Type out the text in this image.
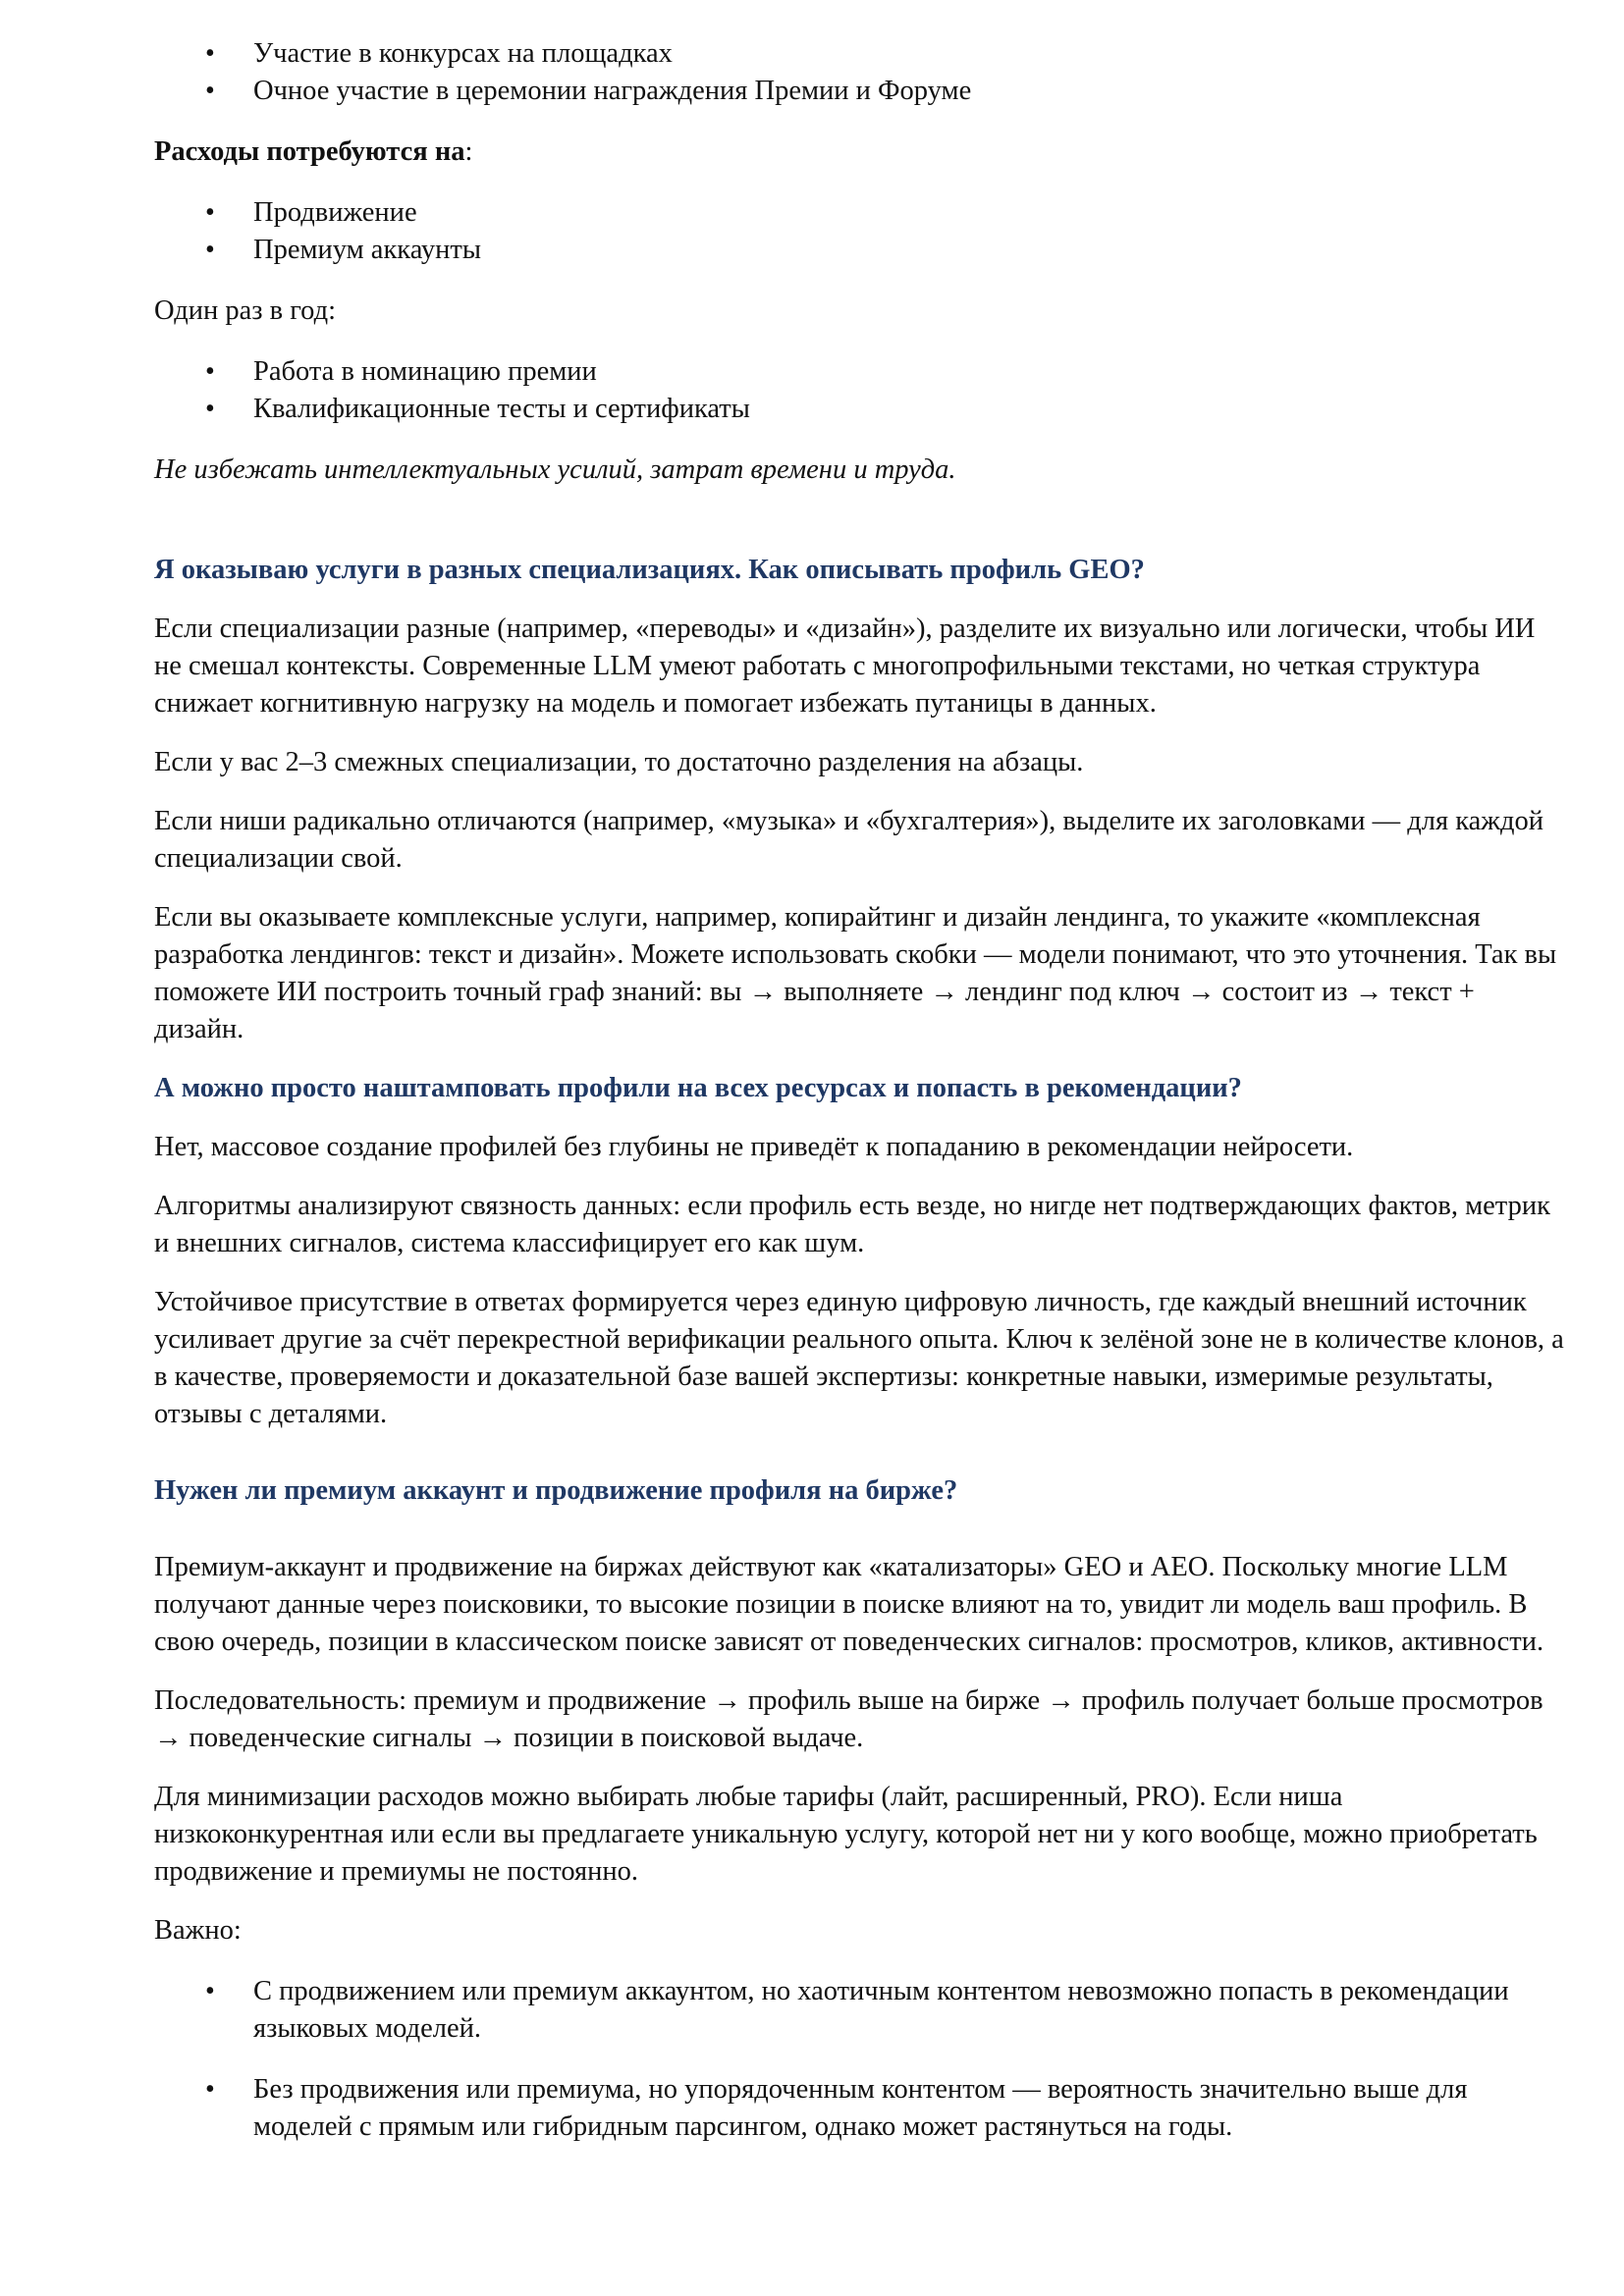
• Участие в конкурсах на площадках
• Очное участие в церемонии награждения Премии и Форуме

Расходы потребуются на:

• Продвижение
• Премиум аккаунты

Один раз в год:

• Работа в номинацию премии
• Квалификационные тесты и сертификаты

Не избежать интеллектуальных усилий, затрат времени и труда.

Я оказываю услуги в разных специализациях. Как описывать профиль GEO?

Если специализации разные (например, «переводы» и «дизайн»), разделите их визуально или логически, чтобы ИИ не смешал контексты. Современные LLM умеют работать с многопрофильными текстами, но четкая структура снижает когнитивную нагрузку на модель и помогает избежать путаницы в данных.

Если у вас 2–3 смежных специализации, то достаточно разделения на абзацы.

Если ниши радикально отличаются (например, «музыка» и «бухгалтерия»), выделите их заголовками — для каждой специализации свой.

Если вы оказываете комплексные услуги, например, копирайтинг и дизайн лендинга, то укажите «комплексная разработка лендингов: текст и дизайн». Можете использовать скобки — модели понимают, что это уточнения. Так вы поможете ИИ построить точный граф знаний: вы → выполняете → лендинг под ключ → состоит из → текст + дизайн.

А можно просто наштамповать профили на всех ресурсах и попасть в рекомендации?

Нет, массовое создание профилей без глубины не приведёт к попаданию в рекомендации нейросети.

Алгоритмы анализируют связность данных: если профиль есть везде, но нигде нет подтверждающих фактов, метрик и внешних сигналов, система классифицирует его как шум.

Устойчивое присутствие в ответах формируется через единую цифровую личность, где каждый внешний источник усиливает другие за счёт перекрестной верификации реального опыта. Ключ к зелёной зоне не в количестве клонов, а в качестве, проверяемости и доказательной базе вашей экспертизы: конкретные навыки, измеримые результаты, отзывы с деталями.

Нужен ли премиум аккаунт и продвижение профиля на бирже?

Премиум-аккаунт и продвижение на биржах действуют как «катализаторы» GEO и AEO. Поскольку многие LLM получают данные через поисковики, то высокие позиции в поиске влияют на то, увидит ли модель ваш профиль. В свою очередь, позиции в классическом поиске зависят от поведенческих сигналов: просмотров, кликов, активности.

Последовательность: премиум и продвижение → профиль выше на бирже → профиль получает больше просмотров → поведенческие сигналы → позиции в поисковой выдаче.

Для минимизации расходов можно выбирать любые тарифы (лайт, расширенный, PRO). Если ниша низкоконкурентная или если вы предлагаете уникальную услугу, которой нет ни у кого вообще, можно приобретать продвижение и премиумы не постоянно.

Важно:

• С продвижением или премиум аккаунтом, но хаотичным контентом невозможно попасть в рекомендации языковых моделей.
• Без продвижения или премиума, но упорядоченным контентом — вероятность значительно выше для моделей с прямым или гибридным парсингом, однако может растянуться на годы.
